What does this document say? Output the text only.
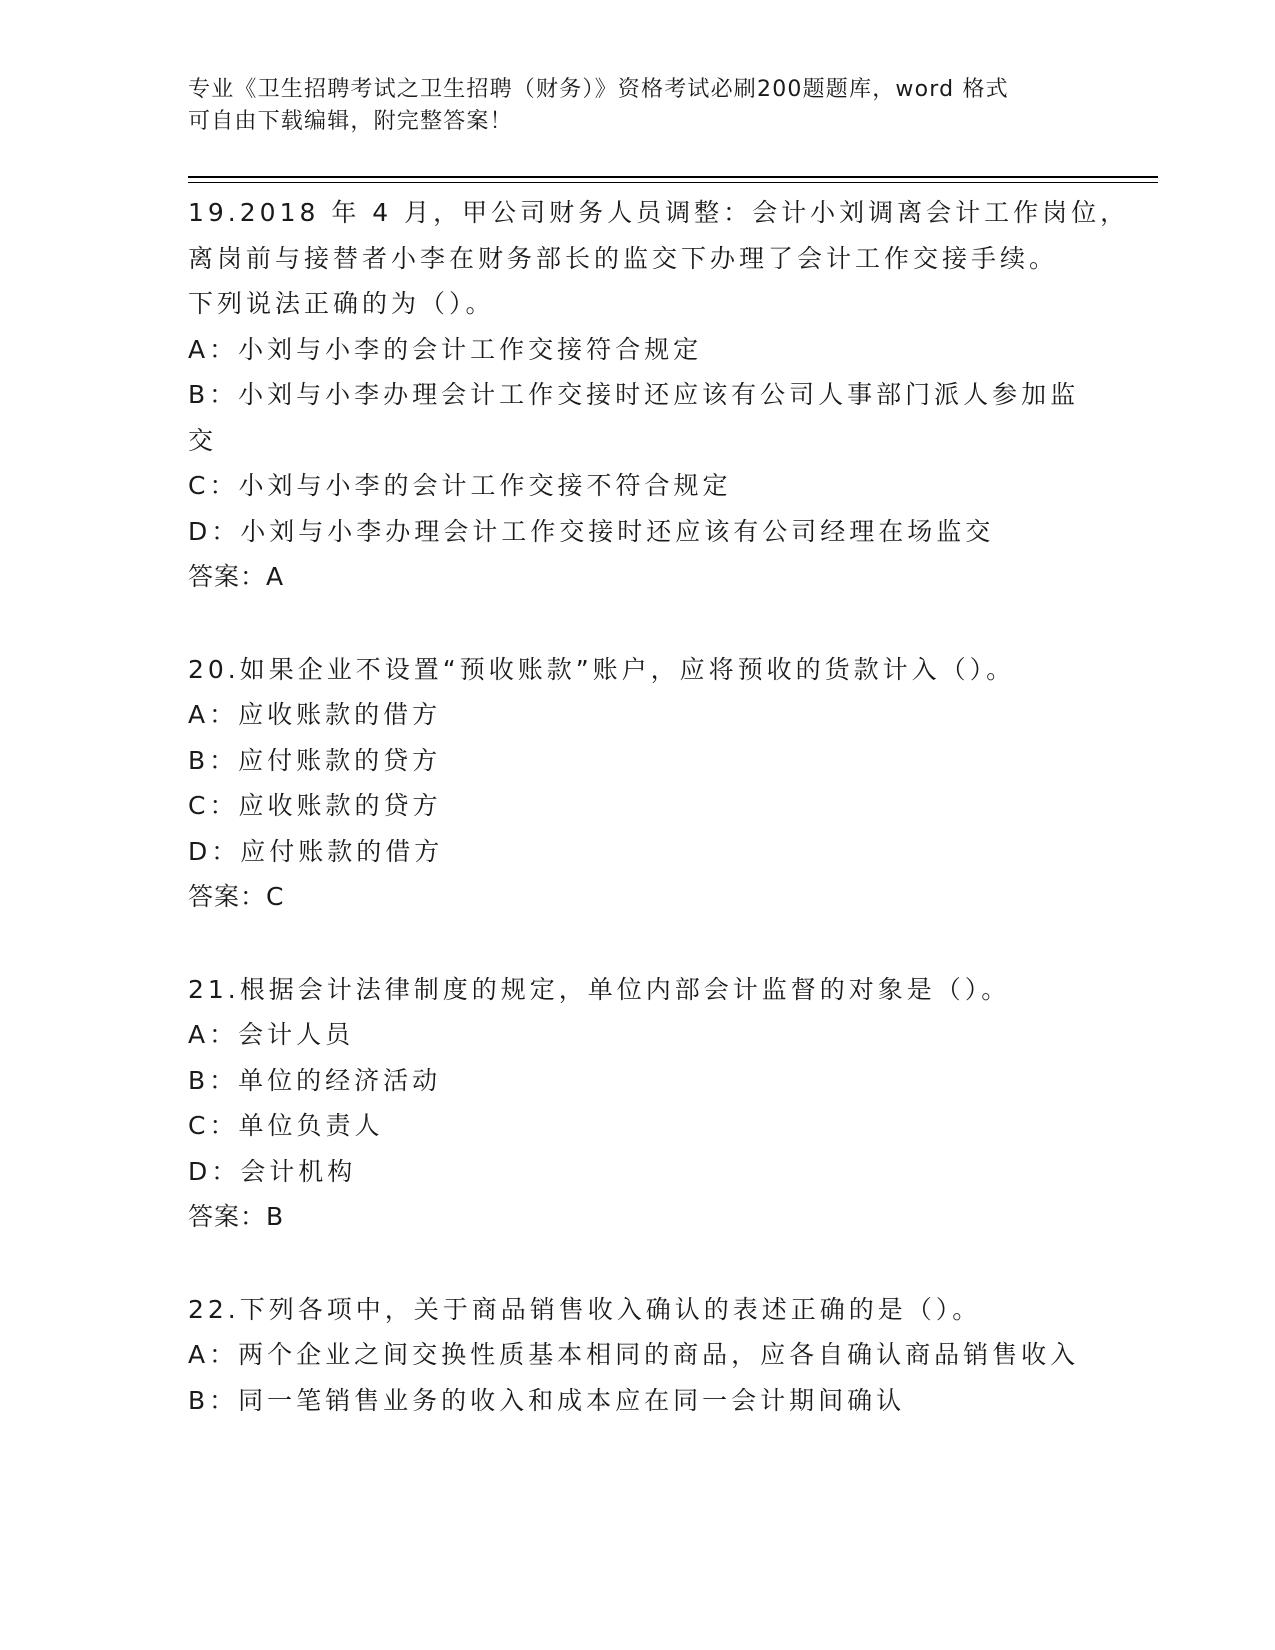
专业《卫生招聘考试之卫生招聘（财务）》资格考试必刷200题题库，word 格式
可自由下载编辑，附完整答案！
19.2018 年 4 月，甲公司财务人员调整：会计小刘调离会计工作岗位，
离岗前与接替者小李在财务部长的监交下办理了会计工作交接手续。
下列说法正确的为（）。
A：小刘与小李的会计工作交接符合规定
B：小刘与小李办理会计工作交接时还应该有公司人事部门派人参加监
交
C：小刘与小李的会计工作交接不符合规定
D：小刘与小李办理会计工作交接时还应该有公司经理在场监交
答案：A
20.如果企业不设置“预收账款”账户，应将预收的货款计入（）。
A：应收账款的借方
B：应付账款的贷方
C：应收账款的贷方
D：应付账款的借方
答案：C
21.根据会计法律制度的规定，单位内部会计监督的对象是（）。
A：会计人员
B：单位的经济活动
C：单位负责人
D：会计机构
答案：B
22.下列各项中，关于商品销售收入确认的表述正确的是（）。
A：两个企业之间交换性质基本相同的商品，应各自确认商品销售收入
B：同一笔销售业务的收入和成本应在同一会计期间确认
